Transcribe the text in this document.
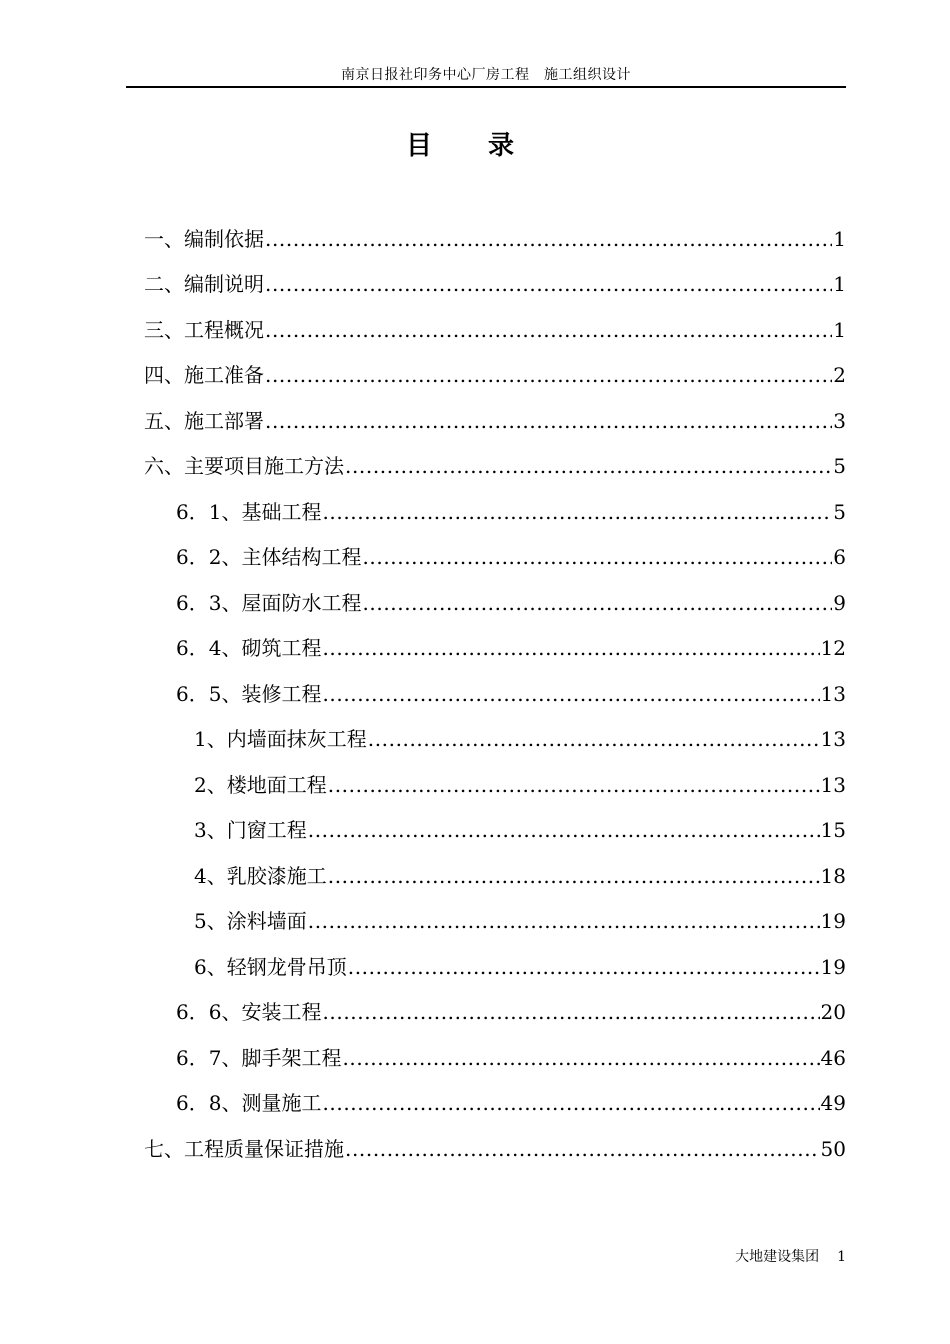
南京日报社印务中心厂房工程　施工组织设计
目录
一、编制依据 .....	1
二、编制说明 .....	1
三、工程概况 .....	1
四、施工准备 .....	2
五、施工部署 .....	3
六、主要项目施工方法 .....	5
6．1、基础工程 .....	5
6．2、主体结构工程 .....	6
6．3、屋面防水工程 .....	9
6．4、砌筑工程 .....	12
6．5、装修工程 .....	13
1、内墙面抹灰工程 .....	13
2、楼地面工程 .....	13
3、门窗工程 .....	15
4、乳胶漆施工 .....	18
5、涂料墙面 .....	19
6、轻钢龙骨吊顶 .....	19
6．6、安装工程 .....	20
6．7、脚手架工程 .....	46
6．8、测量施工 .....	49
七、工程质量保证措施 .....	50
大地建设集团 1
